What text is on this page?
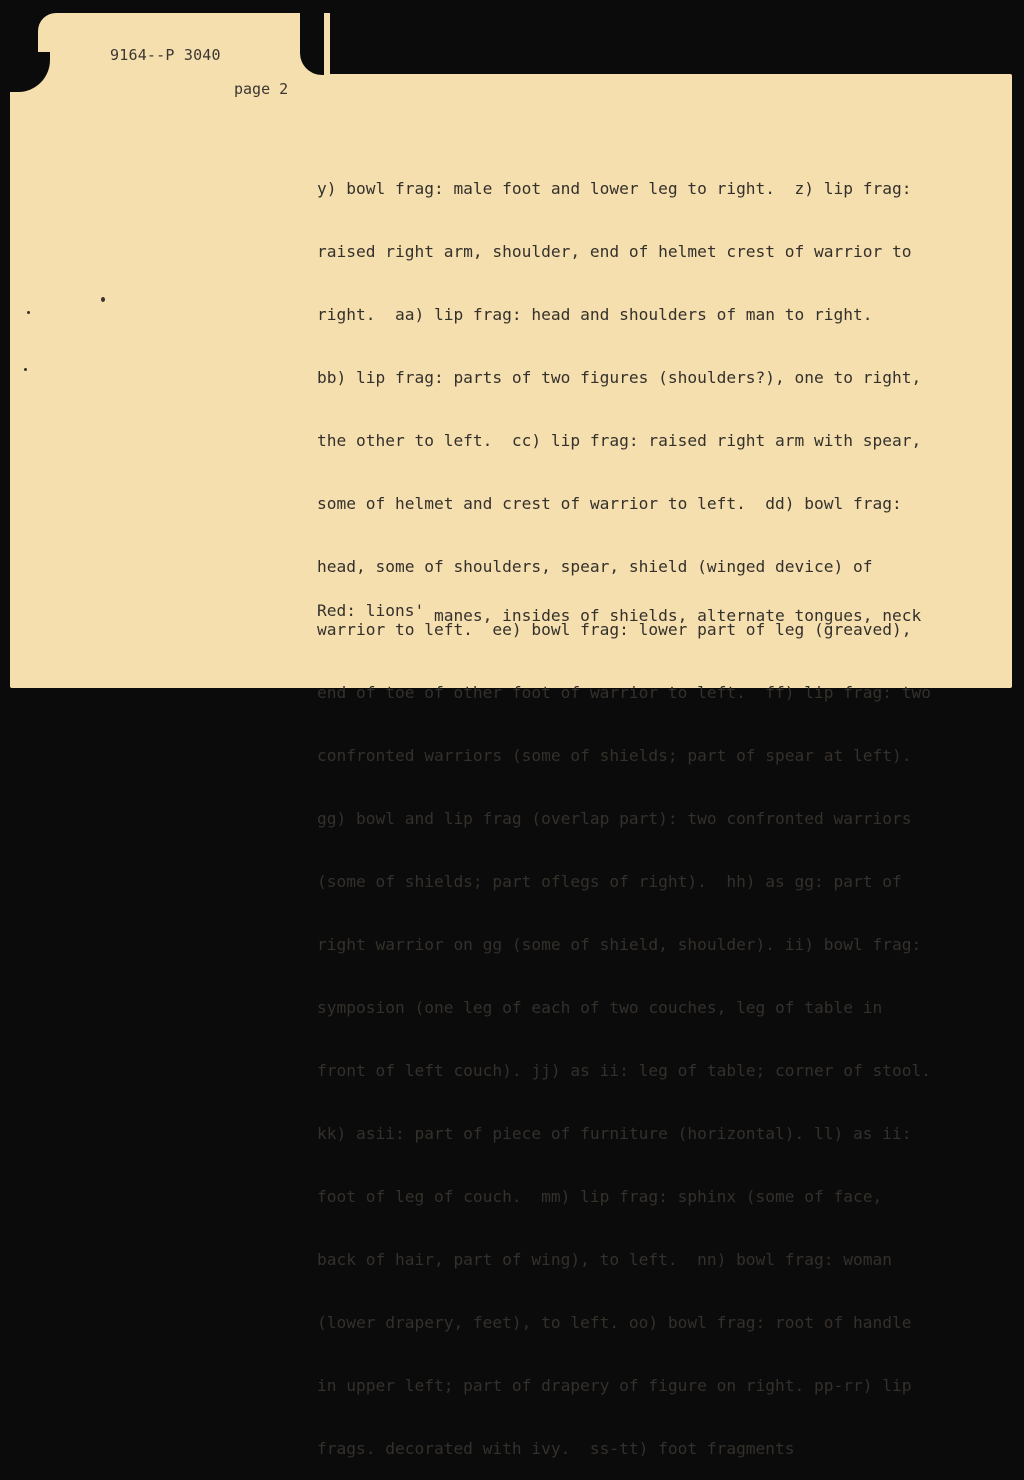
9164--P 3040
page 2

y) bowl frag: male foot and lower leg to right.  z) lip frag:

raised right arm, shoulder, end of helmet crest of warrior to

right.  aa) lip frag: head and shoulders of man to right.

bb) lip frag: parts of two figures (shoulders?), one to right,

the other to left.  cc) lip frag: raised right arm with spear,

some of helmet and crest of warrior to left.  dd) bowl frag:

head, some of shoulders, spear, shield (winged device) of

warrior to left.  ee) bowl frag: lower part of leg (greaved),

end of toe of other foot of warrior to left.  ff) lip frag: two

confronted warriors (some of shields; part of spear at left).

gg) bowl and lip frag (overlap part): two confronted warriors

(some of shields; part oflegs of right).  hh) as gg: part of

right warrior on gg (some of shield, shoulder). ii) bowl frag:

symposion (one leg of each of two couches, leg of table in

front of left couch). jj) as ii: leg of table; corner of stool.

kk) asii: part of piece of furniture (horizontal). ll) as ii:

foot of leg of couch.  mm) lip frag: sphinx (some of face,

back of hair, part of wing), to left.  nn) bowl frag: woman

(lower drapery, feet), to left. oo) bowl frag: root of handle

in upper left; part of drapery of figure on right. pp-rr) lip

frags. decorated with ivy.  ss-tt) foot fragments

Red: lions' manes, insides of shields, alternate tongues, neck
